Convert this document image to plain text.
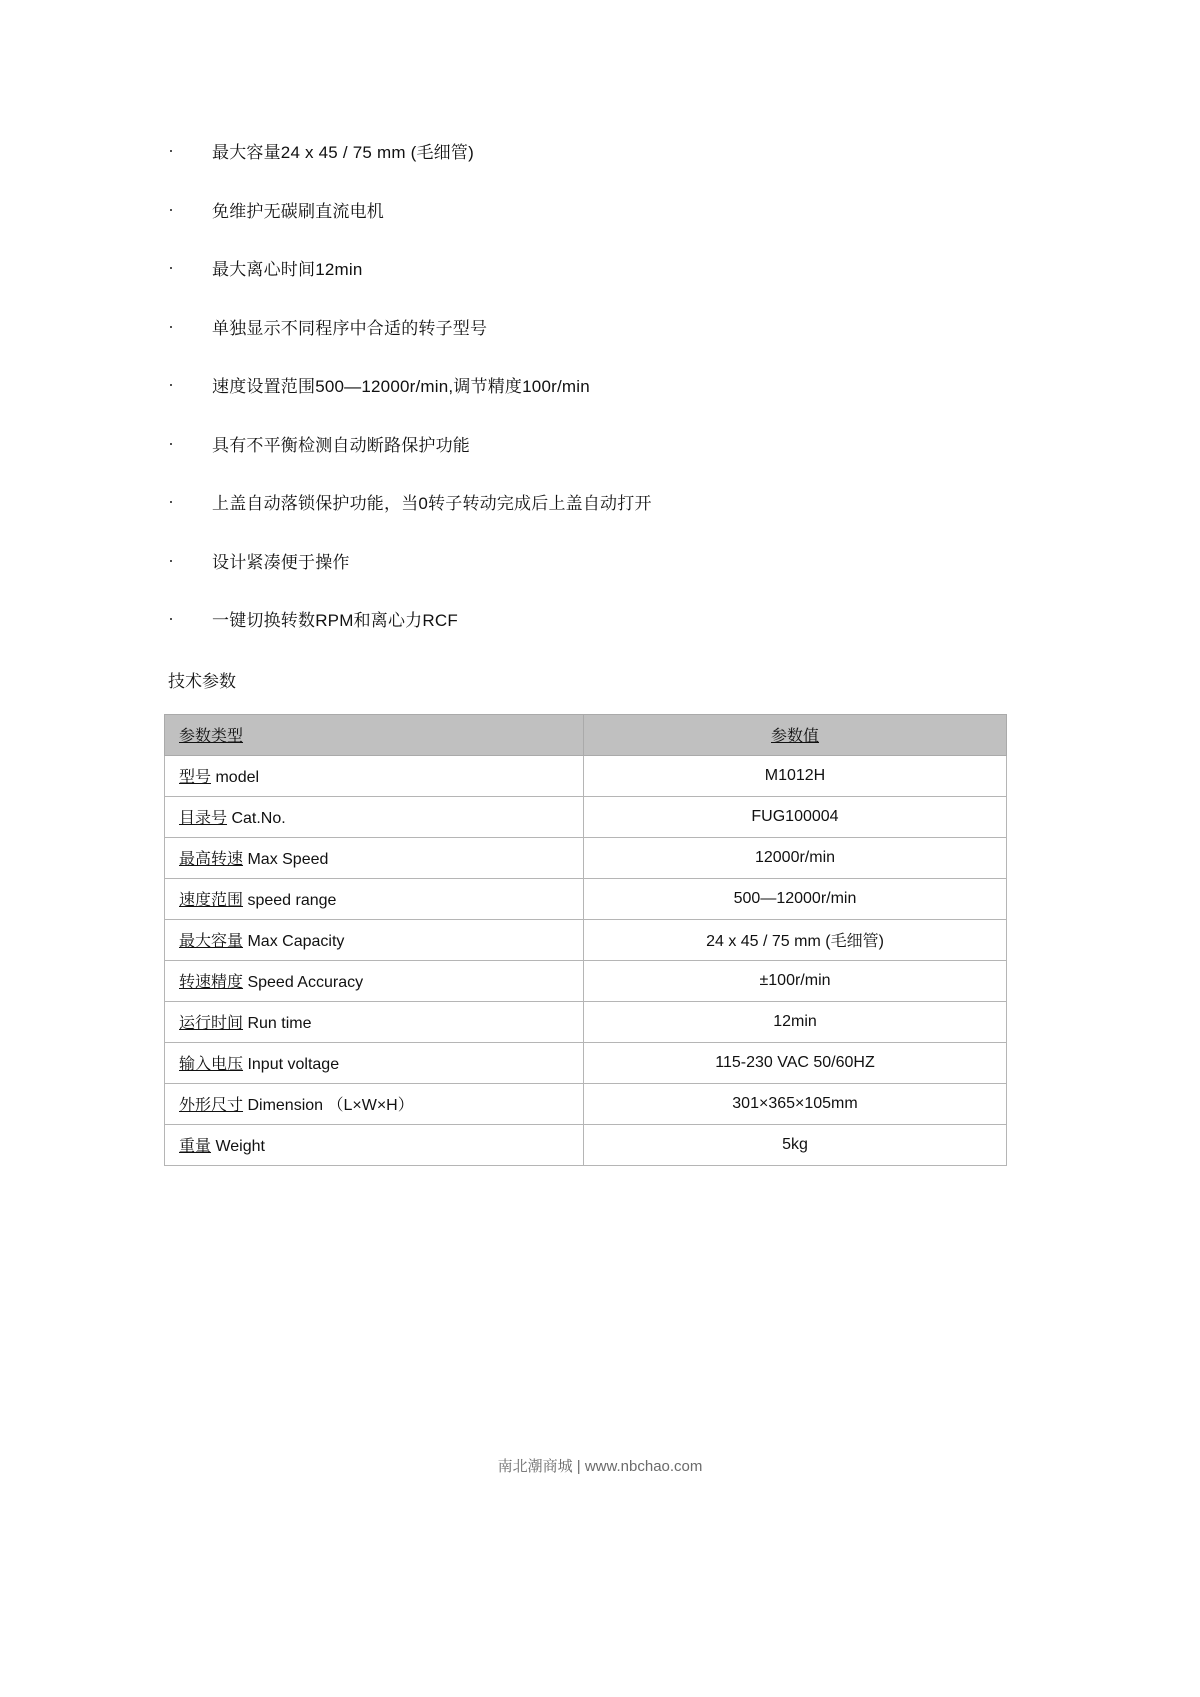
· 最大容量24 x 45 / 75 mm (毛细管)
· 免维护无碳刷直流电机
· 最大离心时间12min
· 单独显示不同程序中合适的转子型号
· 速度设置范围500—12000r/min,调节精度100r/min
· 具有不平衡检测自动断路保护功能
· 上盖自动落锁保护功能，当0转子转动完成后上盖自动打开
· 设计紧凑便于操作
· 一键切换转数RPM和离心力RCF
技术参数
参数类型	参数值
型号 model	M1012H
目录号 Cat.No.	FUG100004
最高转速 Max Speed	12000r/min
速度范围 speed range	500—12000r/min
最大容量 Max Capacity	24 x 45 / 75 mm (毛细管)
转速精度 Speed Accuracy	±100r/min
运行时间 Run time	12min
输入电压 Input voltage	115-230 VAC 50/60HZ
外形尺寸 Dimension （L×W×H）	301×365×105mm
重量 Weight	5kg
南北潮商城 | www.nbchao.com
